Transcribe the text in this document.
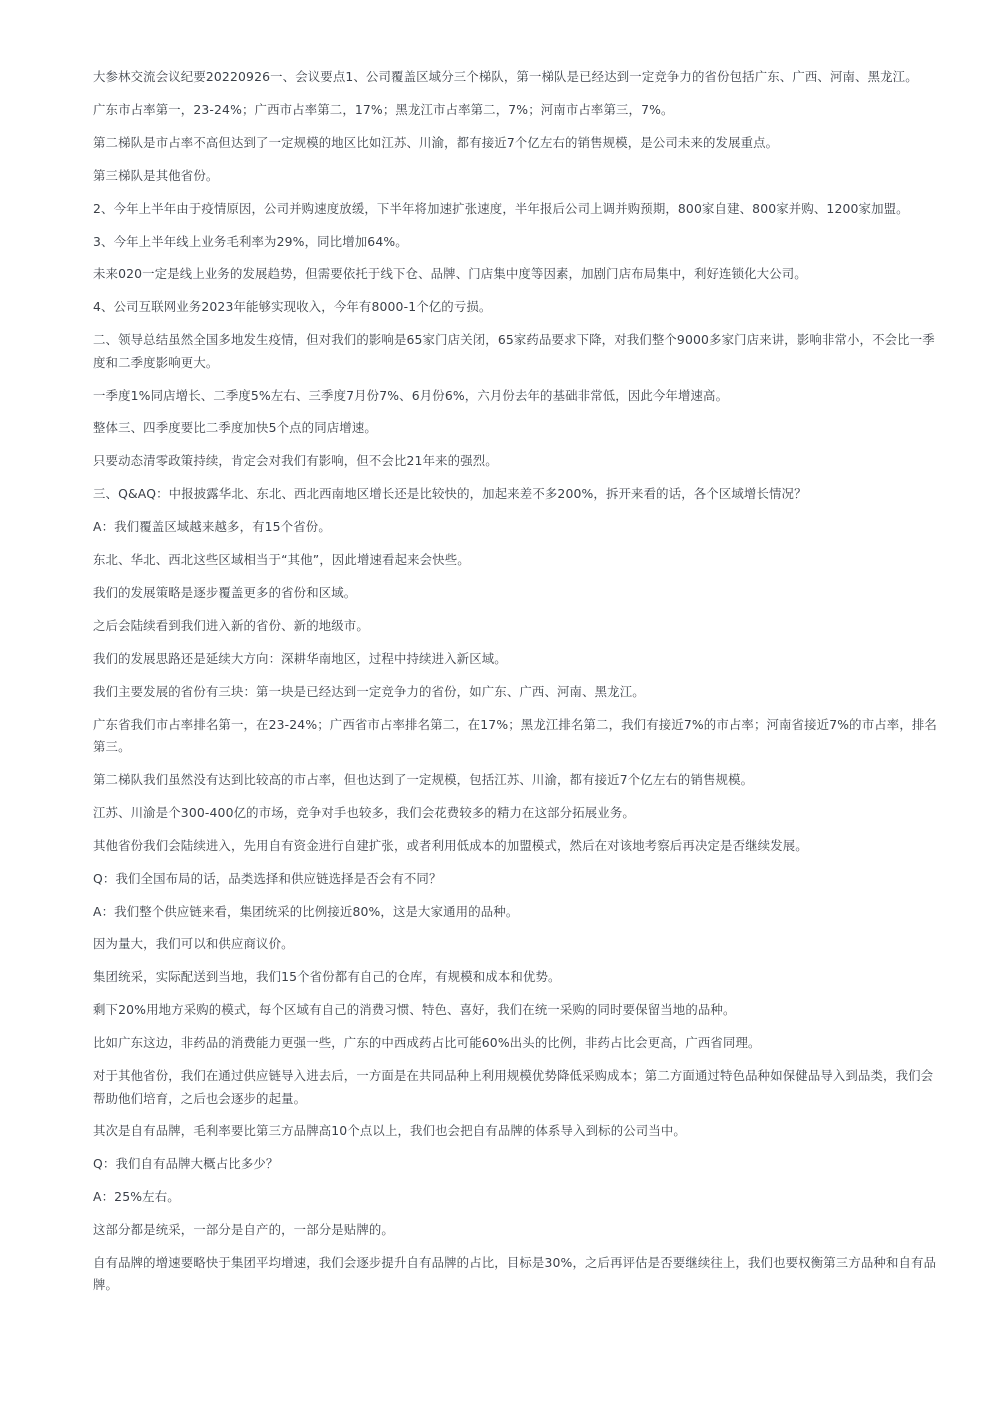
大参林交流会议纪要20220926一、会议要点1、公司覆盖区域分三个梯队，第一梯队是已经达到一定竞争力的省份包括广东、广西、河南、黑龙江。

广东市占率第一，23-24%；广西市占率第二，17%；黑龙江市占率第二，7%；河南市占率第三，7%。

第二梯队是市占率不高但达到了一定规模的地区比如江苏、川渝，都有接近7个亿左右的销售规模，是公司未来的发展重点。

第三梯队是其他省份。

2、今年上半年由于疫情原因，公司并购速度放缓，下半年将加速扩张速度，半年报后公司上调并购预期，800家自建、800家并购、1200家加盟。

3、今年上半年线上业务毛利率为29%，同比增加64%。

未来020一定是线上业务的发展趋势，但需要依托于线下仓、品牌、门店集中度等因素，加剧门店布局集中，利好连锁化大公司。

4、公司互联网业务2023年能够实现收入，今年有8000-1个亿的亏损。

二、领导总结虽然全国多地发生疫情，但对我们的影响是65家门店关闭，65家药品要求下降，对我们整个9000多家门店来讲，影响非常小，不会比一季度和二季度影响更大。

一季度1%同店增长、二季度5%左右、三季度7月份7%、6月份6%，六月份去年的基础非常低，因此今年增速高。

整体三、四季度要比二季度加快5个点的同店增速。

只要动态清零政策持续，肯定会对我们有影响，但不会比21年来的强烈。

三、Q&AQ：中报披露华北、东北、西北西南地区增长还是比较快的，加起来差不多200%，拆开来看的话，各个区域增长情况？

A：我们覆盖区域越来越多，有15个省份。

东北、华北、西北这些区域相当于“其他”，因此增速看起来会快些。

我们的发展策略是逐步覆盖更多的省份和区域。

之后会陆续看到我们进入新的省份、新的地级市。

我们的发展思路还是延续大方向：深耕华南地区，过程中持续进入新区域。

我们主要发展的省份有三块：第一块是已经达到一定竞争力的省份，如广东、广西、河南、黑龙江。

广东省我们市占率排名第一，在23-24%；广西省市占率排名第二，在17%；黑龙江排名第二，我们有接近7%的市占率；河南省接近7%的市占率，排名第三。

第二梯队我们虽然没有达到比较高的市占率，但也达到了一定规模，包括江苏、川渝，都有接近7个亿左右的销售规模。

江苏、川渝是个300-400亿的市场，竞争对手也较多，我们会花费较多的精力在这部分拓展业务。

其他省份我们会陆续进入，先用自有资金进行自建扩张，或者利用低成本的加盟模式，然后在对该地考察后再决定是否继续发展。

Q：我们全国布局的话，品类选择和供应链选择是否会有不同？

A：我们整个供应链来看，集团统采的比例接近80%，这是大家通用的品种。

因为量大，我们可以和供应商议价。

集团统采，实际配送到当地，我们15个省份都有自己的仓库，有规模和成本和优势。

剩下20%用地方采购的模式，每个区域有自己的消费习惯、特色、喜好，我们在统一采购的同时要保留当地的品种。

比如广东这边，非药品的消费能力更强一些，广东的中西成药占比可能60%出头的比例，非药占比会更高，广西省同理。

对于其他省份，我们在通过供应链导入进去后，一方面是在共同品种上利用规模优势降低采购成本；第二方面通过特色品种如保健品导入到品类，我们会帮助他们培育，之后也会逐步的起量。

其次是自有品牌，毛利率要比第三方品牌高10个点以上，我们也会把自有品牌的体系导入到标的公司当中。

Q：我们自有品牌大概占比多少？

A：25%左右。

这部分都是统采，一部分是自产的，一部分是贴牌的。

自有品牌的增速要略快于集团平均增速，我们会逐步提升自有品牌的占比，目标是30%，之后再评估是否要继续往上，我们也要权衡第三方品种和自有品牌。
